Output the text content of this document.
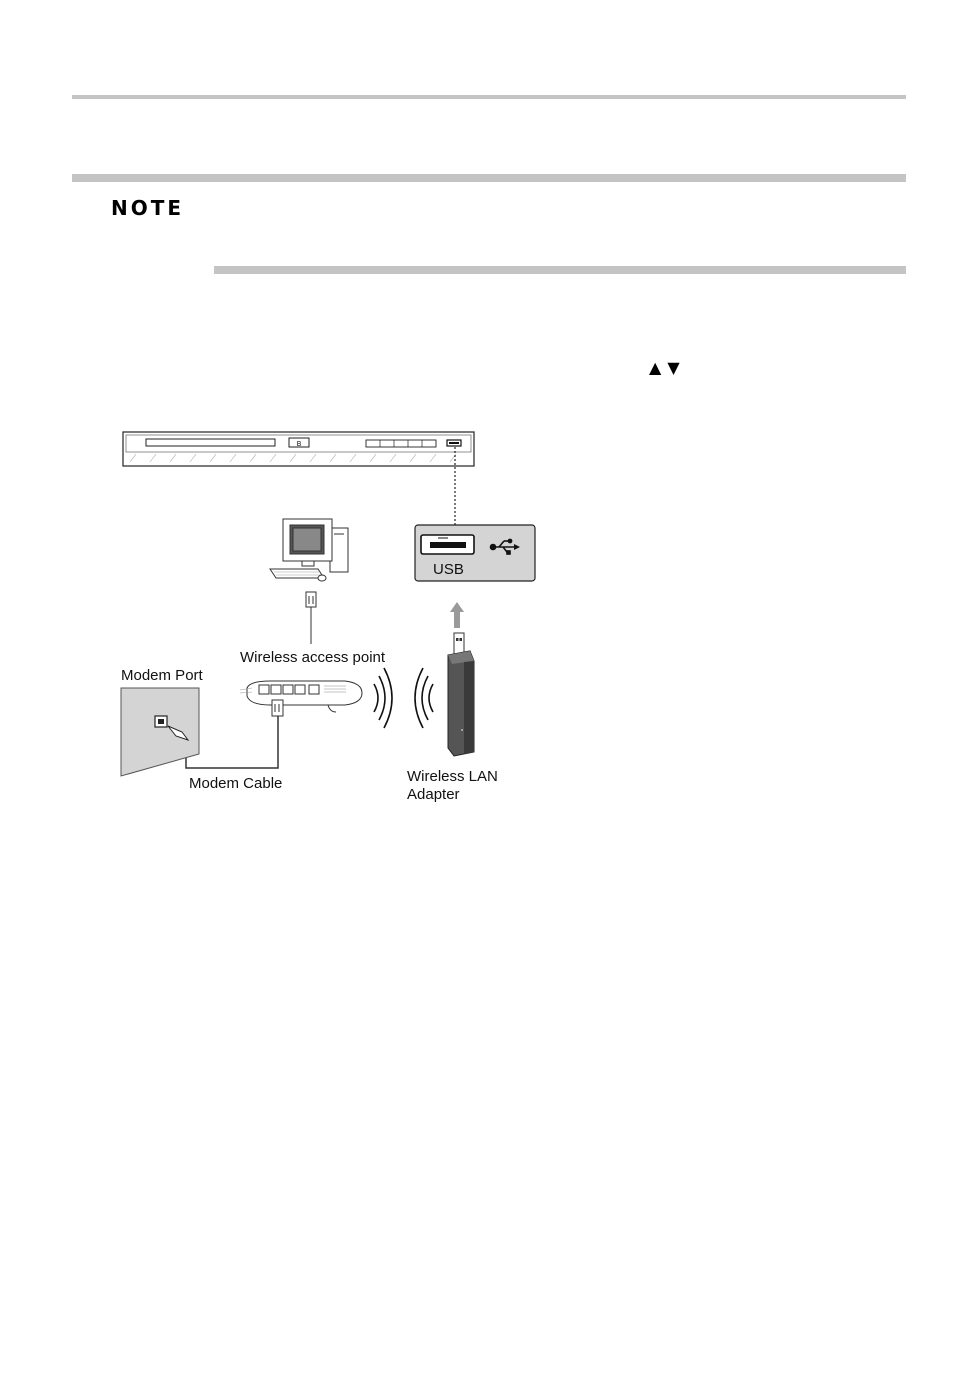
NOTE
▲▼
B
USB
Wireless access point
Modem Port
Modem Cable	Wireless LAN
Adapter
